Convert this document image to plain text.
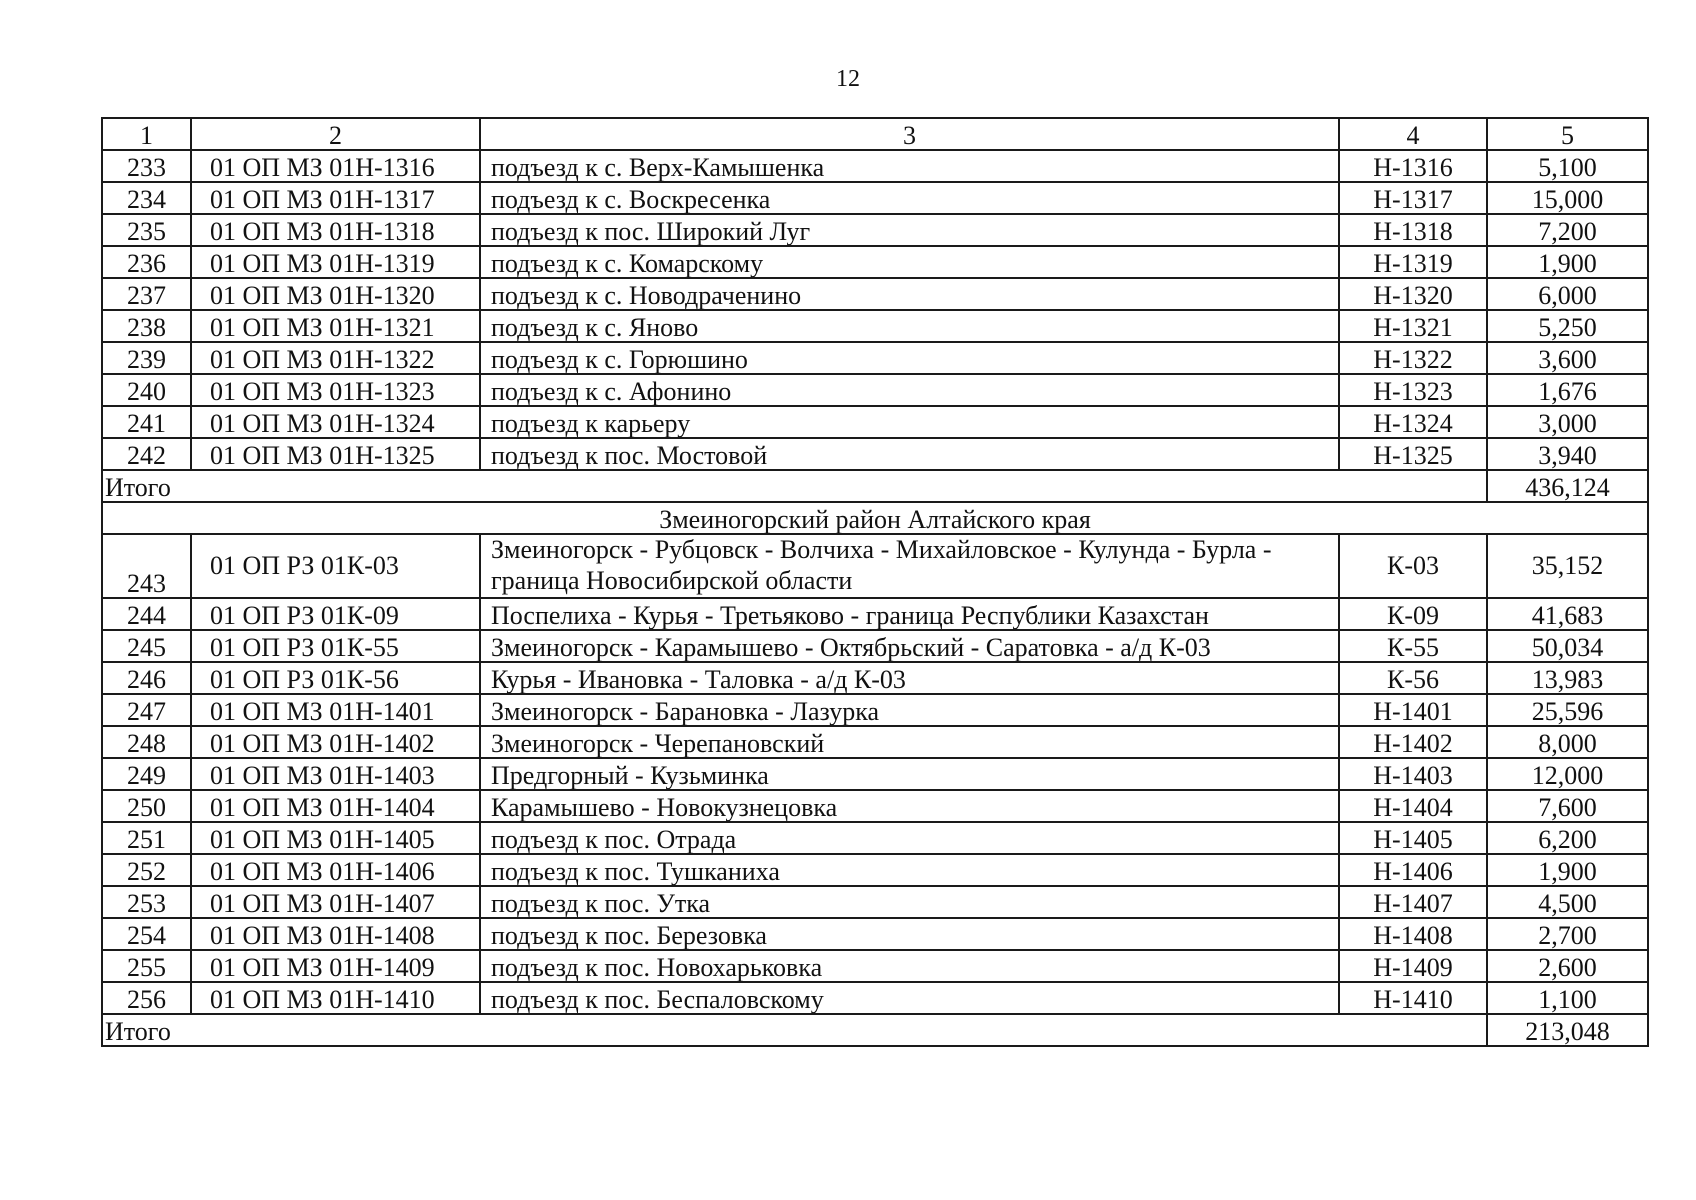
12
1	2	3	4	5
233	01 ОП МЗ 01Н-1316	подъезд к с. Верх-Камышенка	Н-1316	5,100
234	01 ОП МЗ 01Н-1317	подъезд к с. Воскресенка	Н-1317	15,000
235	01 ОП МЗ 01Н-1318	подъезд к пос. Широкий Луг	Н-1318	7,200
236	01 ОП МЗ 01Н-1319	подъезд к с. Комарскому	Н-1319	1,900
237	01 ОП МЗ 01Н-1320	подъезд к с. Новодраченино	Н-1320	6,000
238	01 ОП МЗ 01Н-1321	подъезд к с. Яново	Н-1321	5,250
239	01 ОП МЗ 01Н-1322	подъезд к с. Горюшино	Н-1322	3,600
240	01 ОП МЗ 01Н-1323	подъезд к с. Афонино	Н-1323	1,676
241	01 ОП МЗ 01Н-1324	подъезд к карьеру	Н-1324	3,000
242	01 ОП МЗ 01Н-1325	подъезд к пос. Мостовой	Н-1325	3,940
Итого				436,124
Змеиногорский район Алтайского края				
243	01 ОП РЗ 01К-03	Змеиногорск - Рубцовск - Волчиха - Михайловское - Кулунда - Бурла - граница Новосибирской области	К-03	35,152
244	01 ОП РЗ 01К-09	Поспелиха - Курья - Третьяково - граница Республики Казахстан	К-09	41,683
245	01 ОП РЗ 01К-55	Змеиногорск - Карамышево - Октябрьский - Саратовка - а/д К-03	К-55	50,034
246	01 ОП РЗ 01К-56	Курья - Ивановка - Таловка - а/д К-03	К-56	13,983
247	01 ОП МЗ 01Н-1401	Змеиногорск - Барановка - Лазурка	Н-1401	25,596
248	01 ОП МЗ 01Н-1402	Змеиногорск - Черепановский	Н-1402	8,000
249	01 ОП МЗ 01Н-1403	Предгорный - Кузьминка	Н-1403	12,000
250	01 ОП МЗ 01Н-1404	Карамышево - Новокузнецовка	Н-1404	7,600
251	01 ОП МЗ 01Н-1405	подъезд к пос. Отрада	Н-1405	6,200
252	01 ОП МЗ 01Н-1406	подъезд к пос. Тушканиха	Н-1406	1,900
253	01 ОП МЗ 01Н-1407	подъезд к пос. Утка	Н-1407	4,500
254	01 ОП МЗ 01Н-1408	подъезд к пос. Березовка	Н-1408	2,700
255	01 ОП МЗ 01Н-1409	подъезд к пос. Новохарьковка	Н-1409	2,600
256	01 ОП МЗ 01Н-1410	подъезд к пос. Беспаловскому	Н-1410	1,100
Итого				213,048
